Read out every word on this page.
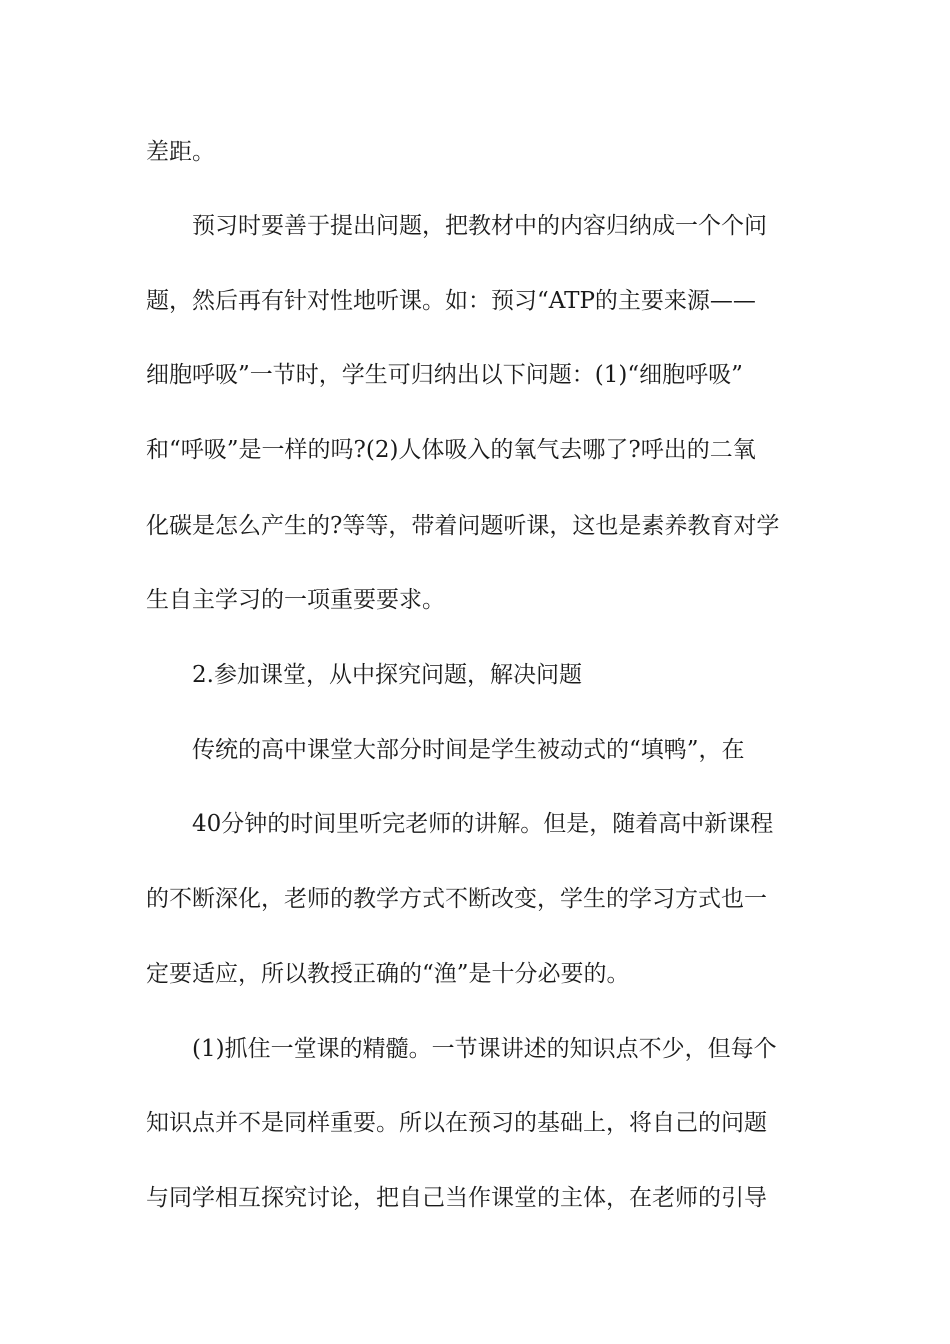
差距。
预习时要善于提出问题，把教材中的内容归纳成一个个问
题，然后再有针对性地听课。如：预习“ATP的主要来源——
细胞呼吸”一节时，学生可归纳出以下问题：(1)“细胞呼吸”
和“呼吸”是一样的吗?(2)人体吸入的氧气去哪了?呼出的二氧
化碳是怎么产生的?等等，带着问题听课，这也是素养教育对学
生自主学习的一项重要要求。
2.参加课堂，从中探究问题，解决问题
传统的高中课堂大部分时间是学生被动式的“填鸭”，在
40分钟的时间里听完老师的讲解。但是，随着高中新课程
的不断深化，老师的教学方式不断改变，学生的学习方式也一
定要适应，所以教授正确的“渔”是十分必要的。
(1)抓住一堂课的精髓。一节课讲述的知识点不少，但每个
知识点并不是同样重要。所以在预习的基础上，将自己的问题
与同学相互探究讨论，把自己当作课堂的主体，在老师的引导
